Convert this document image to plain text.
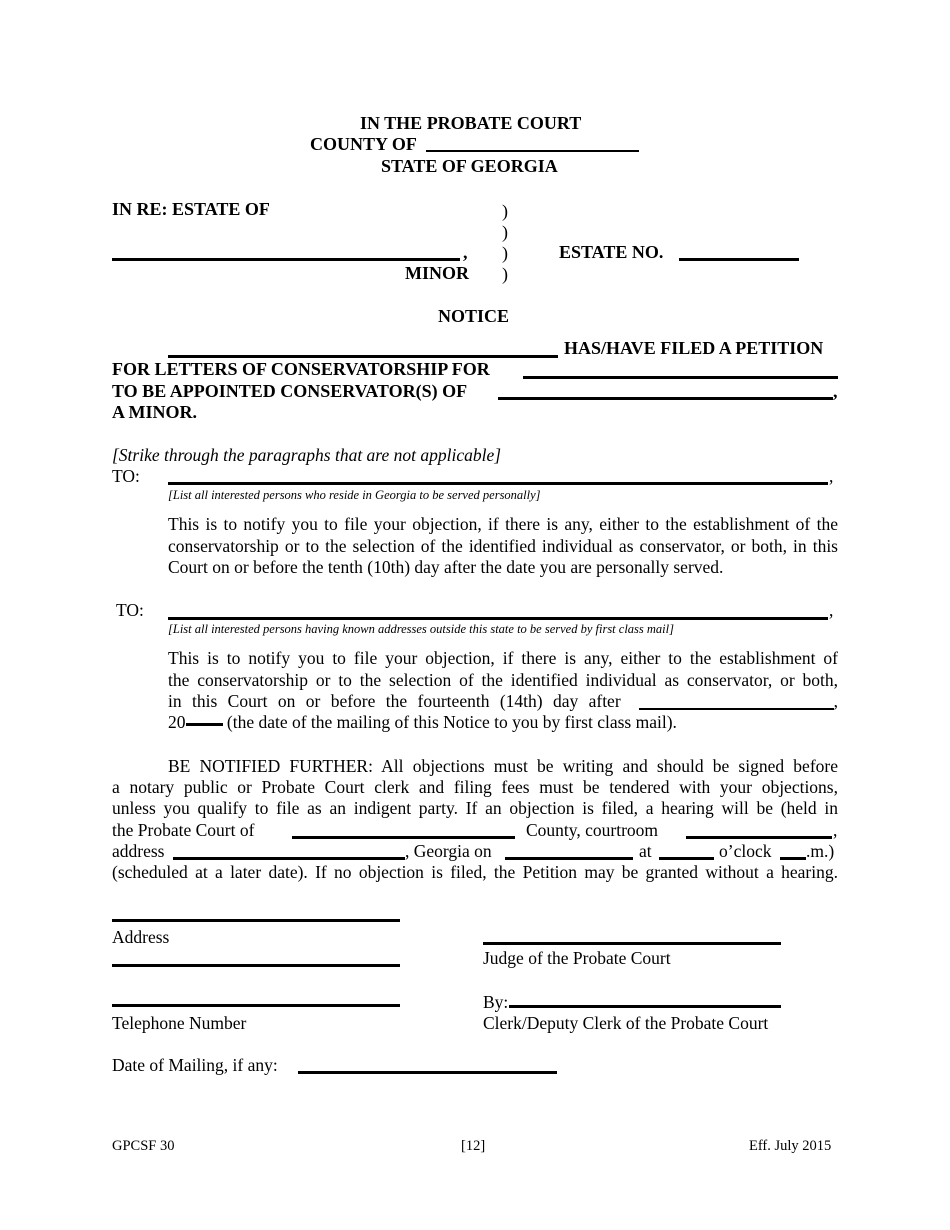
IN THE PROBATE COURT
COUNTY OF
STATE OF GEORGIA
IN RE: ESTATE OF	)
)
)
)
,
MINOR
ESTATE NO.
NOTICE
HAS/HAVE FILED A PETITION
FOR LETTERS OF CONSERVATORSHIP FOR
TO BE APPOINTED CONSERVATOR(S) OF	,
A MINOR.
[Strike through the paragraphs that are not applicable]
TO:	,
[List all interested persons who reside in Georgia to be served personally]
This is to notify you to file your objection, if there is any, either to the establishment of the conservatorship or to the selection of the identified individual as conservator, or both, in this Court on or before the tenth (10th) day after the date you are personally served.
TO:	,
[List all interested persons having known addresses outside this state to be served by first class mail]
This is to notify you to file your objection, if there is any, either to the establishment of
the conservatorship or to the selection of the identified individual as conservator, or both,
in this Court on or before the fourteenth (14th) day after	,
20 (the date of the mailing of this Notice to you by first class mail).
BE NOTIFIED FURTHER: All objections must be writing and should be signed before
a notary public or Probate Court clerk and filing fees must be tendered with your objections,
unless you qualify to file as an indigent party. If an objection is filed, a hearing will be (held in
the Probate Court of	County, courtroom	,
address	, Georgia on	at	o’clock .m.)
(scheduled at a later date). If no objection is filed, the Petition may be granted without a hearing.
Address
Telephone Number
Judge of the Probate Court
By:
Clerk/Deputy Clerk of the Probate Court
Date of Mailing, if any:
GPCSF 30	[12]	Eff. July 2015
